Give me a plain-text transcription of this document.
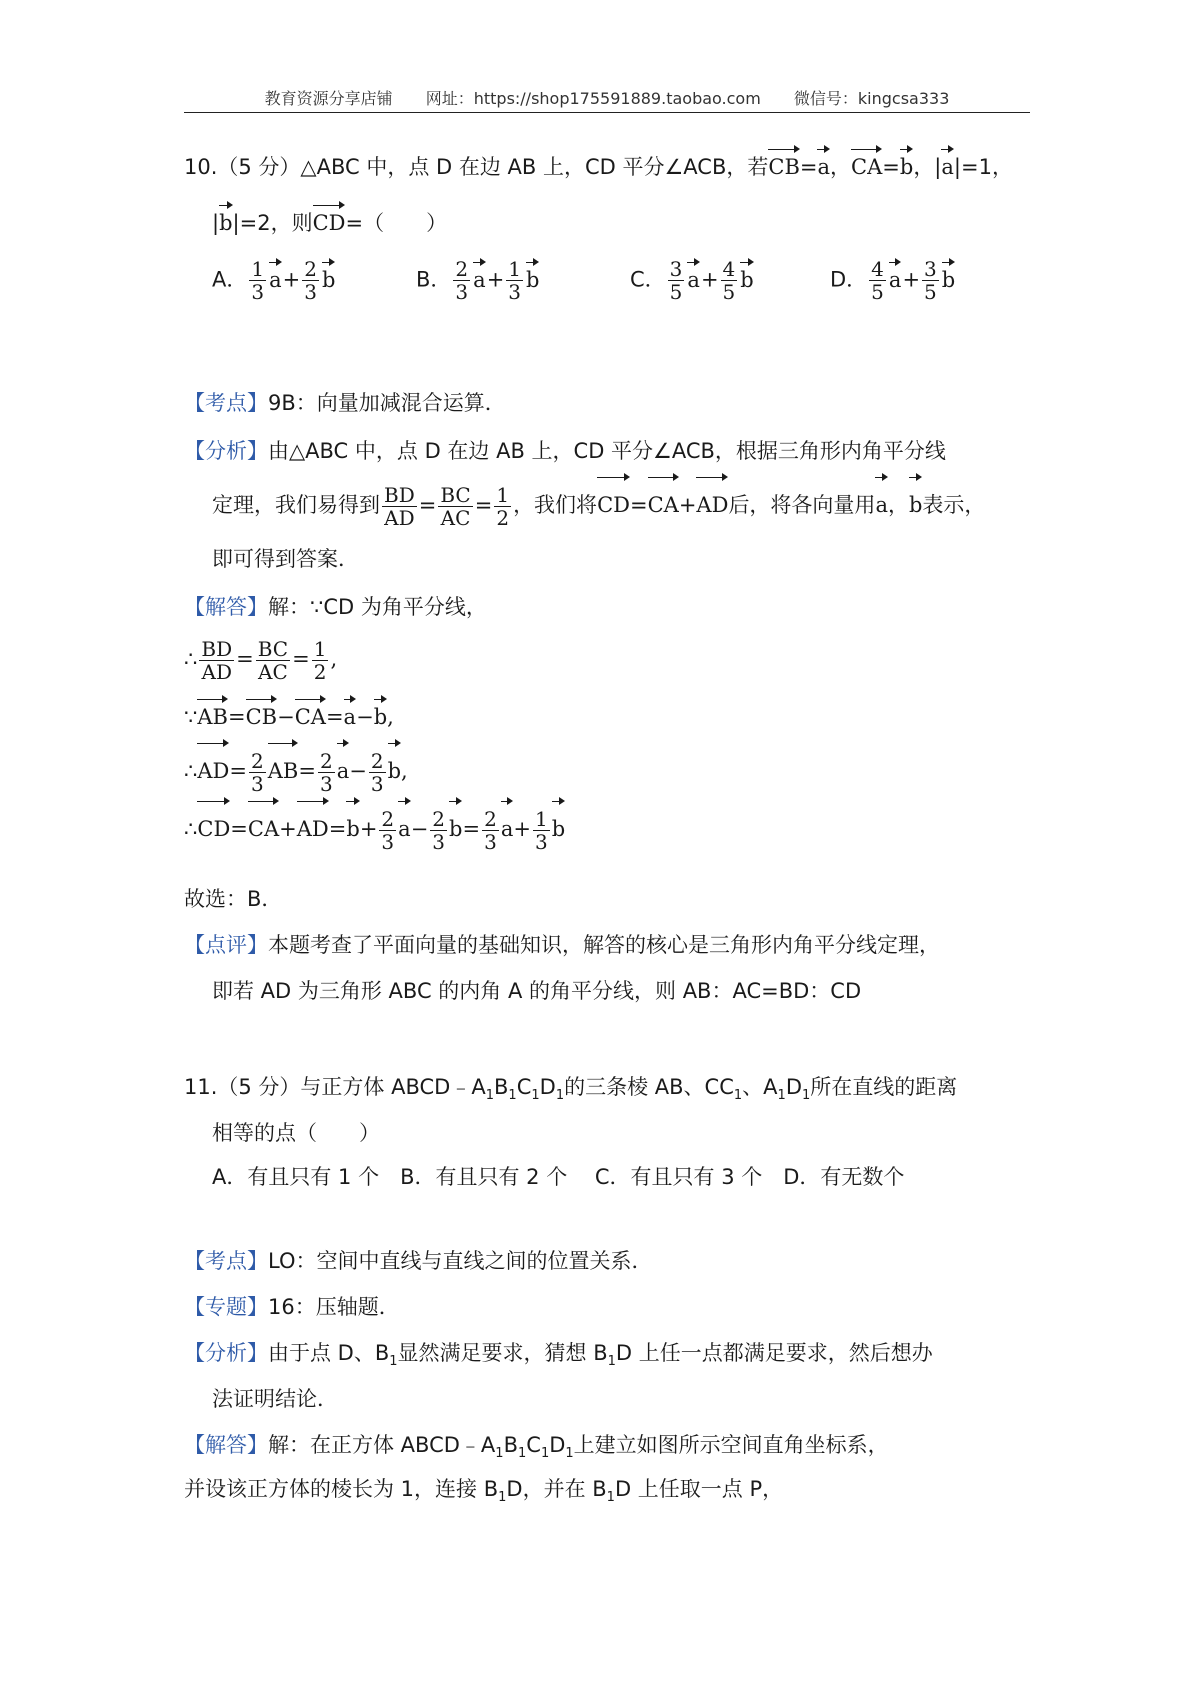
教育资源分享店铺 网址：https://shop175591889.taobao.com 微信号：kingcsa333
10.（5 分）△ABC 中，点 D 在边 AB 上，CD 平分∠ACB，若CB=a，CA=b，|a|=1，
|b|=2，则CD=（　　）
A． $\frac{1}{3} a+ \frac{2}{3}$ b	B． $\frac{2}{3} a+ \frac{1}{3}$ b	C． $\frac{3}{5} a+ \frac{4}{5}$ b	D． $\frac{4}{5} a+ \frac{3}{5}$ b
【考点】9B：向量加减混合运算．
【分析】由△ABC 中，点 D 在边 AB 上，CD 平分∠ACB，根据三角形内角平分线
定理，我们易得到 $\frac{BD}{AD} = \frac{BC}{AC} = \frac{1}{2}$ ，我们将CD=CA+AD后，将各向量用a，b表示，
即可得到答案．
【解答】解：∵CD 为角平分线，
∴ $\frac{BD}{AD} = \frac{BC}{AC} = \frac{1}{2}$ ,
∵AB=CB−CA=a−b,
∴AD= $\frac{2}{3} AB= \frac{2}{3} a- \frac{2}{3} b$,
∴CD=CA+AD=b+ $\frac{2}{3} a- \frac{2}{3} b= \frac{2}{3} a+ \frac{1}{3}$ b
故选：B．
【点评】本题考查了平面向量的基础知识，解答的核心是三角形内角平分线定理，
即若 AD 为三角形 ABC 的内角 A 的角平分线，则 AB：AC=BD：CD
11.（5 分）与正方体 $ABCD﹣A_1B_1C_1D_1$的三条棱 AB、$CC_1$、$A_1D_1$所在直线的距离
相等的点（　　）
A．有且只有 1 个　B．有且只有 2 个　 C．有且只有 3 个　D．有无数个
【考点】LO：空间中直线与直线之间的位置关系．
【专题】16：压轴题．
【分析】由于点 D、$B_1$显然满足要求，猜想 $B_1D$ 上任一点都满足要求，然后想办
法证明结论．
【解答】解：在正方体 $ABCD﹣A_1B_1C_1D_1$上建立如图所示空间直角坐标系，
并设该正方体的棱长为 1，连接 $B_1D$，并在 $B_1D$ 上任取一点 P，
